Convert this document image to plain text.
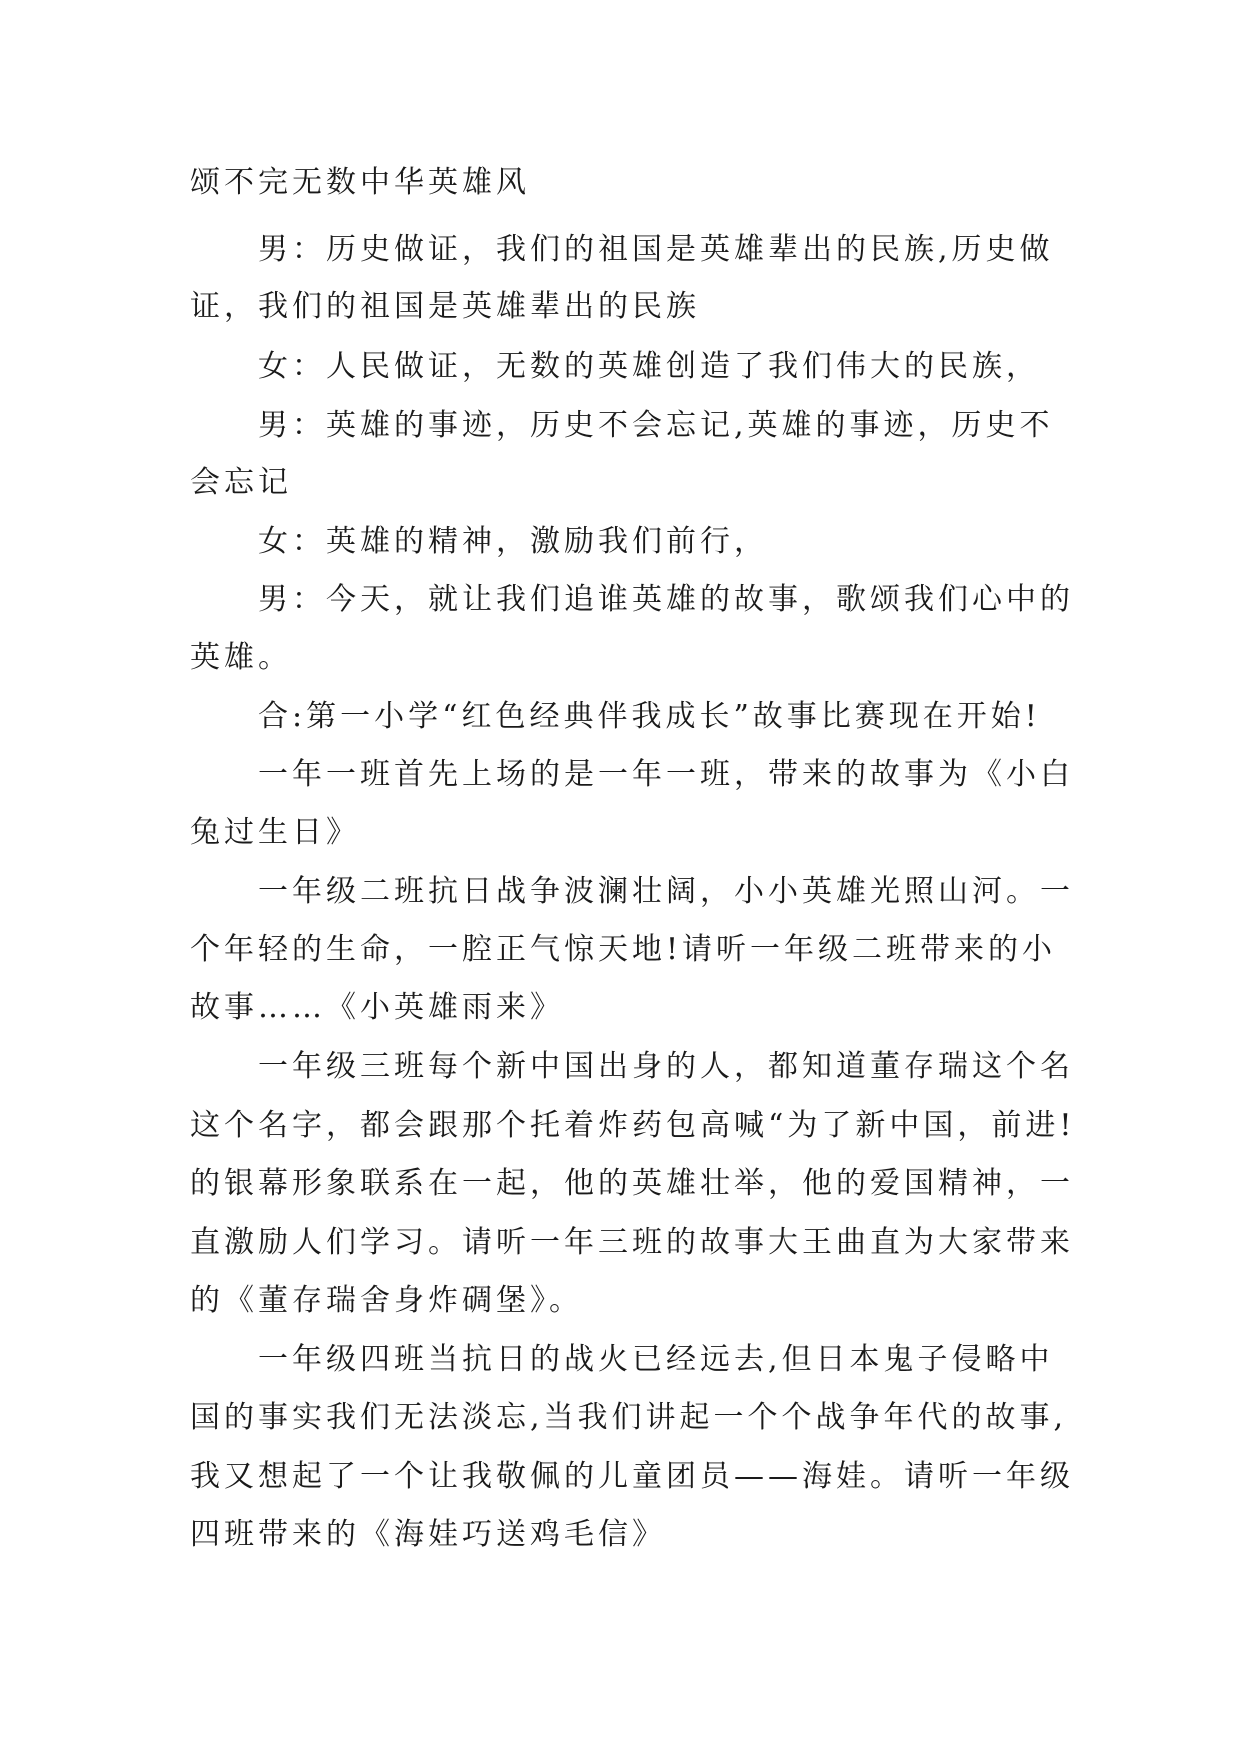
颂不完无数中华英雄风
男：历史做证，我们的祖国是英雄辈出的民族,历史做
证，我们的祖国是英雄辈出的民族
女：人民做证，无数的英雄创造了我们伟大的民族，
男：英雄的事迹，历史不会忘记,英雄的事迹，历史不
会忘记
女：英雄的精神，激励我们前行，
男：今天，就让我们追谁英雄的故事，歌颂我们心中的
英雄。
合:第一小学“红色经典伴我成长”故事比赛现在开始!
一年一班首先上场的是一年一班，带来的故事为《小白
兔过生日》
一年级二班抗日战争波澜壮阔，小小英雄光照山河。一
个年轻的生命，一腔正气惊天地!请听一年级二班带来的小
故事……《小英雄雨来》
一年级三班每个新中国出身的人，都知道董存瑞这个名
这个名字，都会跟那个托着炸药包高喊“为了新中国，前进!
的银幕形象联系在一起，他的英雄壮举，他的爱国精神，一
直激励人们学习。请听一年三班的故事大王曲直为大家带来
的《董存瑞舍身炸碉堡》。
一年级四班当抗日的战火已经远去,但日本鬼子侵略中
国的事实我们无法淡忘,当我们讲起一个个战争年代的故事,
我又想起了一个让我敬佩的儿童团员——海娃。请听一年级
四班带来的《海娃巧送鸡毛信》
